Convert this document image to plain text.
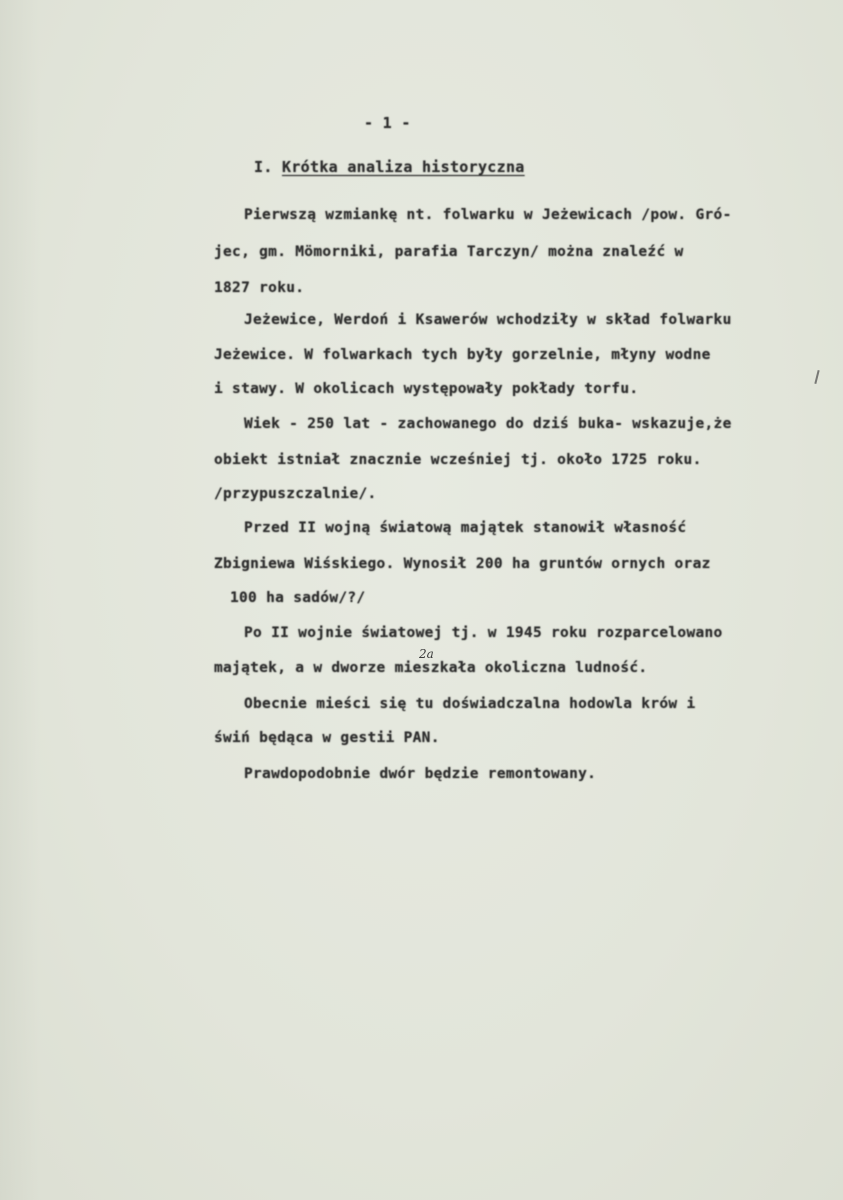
- 1 -
I. Krótka analiza historyczna
Pierwszą wzmiankę nt. folwarku w Jeżewicach /pow. Gró-
jec, gm. Mömorniki, parafia Tarczyn/ można znaleźć w
1827 roku.
Jeżewice, Werdoń i Ksawerów wchodziły w skład folwarku
Jeżewice. W folwarkach tych były gorzelnie, młyny wodne
i stawy. W okolicach występowały pokłady torfu.
Wiek - 250 lat - zachowanego do dziś buka- wskazuje,że
obiekt istniał znacznie wcześniej tj. około 1725 roku.
/przypuszczalnie/.
Przed II wojną światową majątek stanowił własność
Zbigniewa Wiśskiego. Wynosił 200 ha gruntów ornych oraz
100 ha sadów/?/
Po II wojnie światowej tj. w 1945 roku rozparcelowano
majątek, a w dworze mieszkała okoliczna ludność.
Obecnie mieści się tu doświadczalna hodowla krów i
świń będąca w gestii PAN.
Prawdopodobnie dwór będzie remontowany.
2a
